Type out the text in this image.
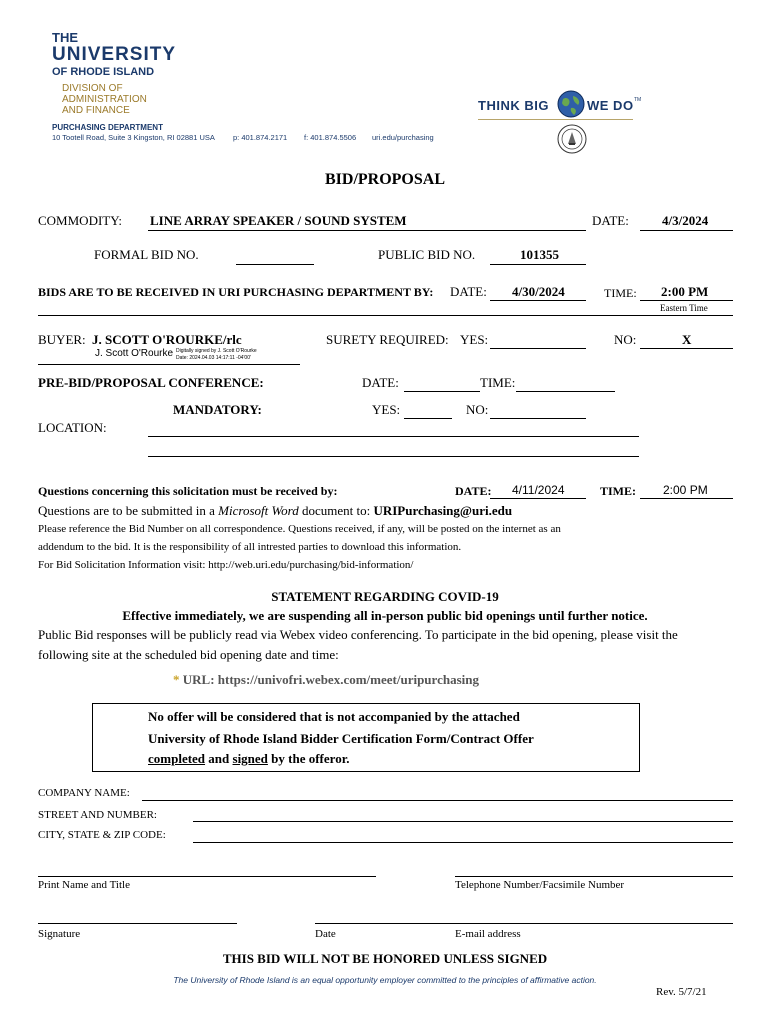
THE
UNIVERSITY
OF RHODE ISLAND
DIVISION OF
ADMINISTRATION
AND FINANCE
PURCHASING DEPARTMENT
10 Tootell Road, Suite 3 Kingston, RI 02881 USA p: 401.874.2171 f: 401.874.5506 uri.edu/purchasing
THINK BIG	WE DO TM
BID/PROPOSAL
COMMODITY: LINE ARRAY SPEAKER / SOUND SYSTEM	DATE:	4/3/2024
FORMAL BID NO.	PUBLIC BID NO.	101355
BIDS ARE TO BE RECEIVED IN URI PURCHASING DEPARTMENT BY: DATE: 4/30/2024	TIME: 2:00 PM
Eastern Time
BUYER: J. SCOTT O'ROURKE/rlc
J. Scott O'Rourke Digitally signed by J. Scott O'Rourke
Date: 2024.04.03 14:17:11 -04'00'
SURETY REQUIRED: YES:	NO:	X
PRE-BID/PROPOSAL CONFERENCE:	DATE:	TIME:
MANDATORY:	YES:	NO:
LOCATION:
Questions concerning this solicitation must be received by:	DATE: 4/11/2024	TIME: 2:00 PM
Questions are to be submitted in a Microsoft Word document to: URIPurchasing@uri.edu
Please reference the Bid Number on all correspondence. Questions received, if any, will be posted on the internet as an
addendum to the bid. It is the responsibility of all intrested parties to download this information.
For Bid Solicitation Information visit: http://web.uri.edu/purchasing/bid-information/
STATEMENT REGARDING COVID-19
Effective immediately, we are suspending all in-person public bid openings until further notice.
Public Bid responses will be publicly read via Webex video conferencing. To participate in the bid opening, please visit the
following site at the scheduled bid opening date and time:
* URL: https://univofri.webex.com/meet/uripurchasing
No offer will be considered that is not accompanied by the attached
University of Rhode Island Bidder Certification Form/Contract Offer
completed and signed by the offeror.
COMPANY NAME:
STREET AND NUMBER:
CITY, STATE & ZIP CODE:
Print Name and Title	Telephone Number/Facsimile Number
Signature	Date	E-mail address
THIS BID WILL NOT BE HONORED UNLESS SIGNED
The University of Rhode Island is an equal opportunity employer committed to the principles of affirmative action.
Rev. 5/7/21
